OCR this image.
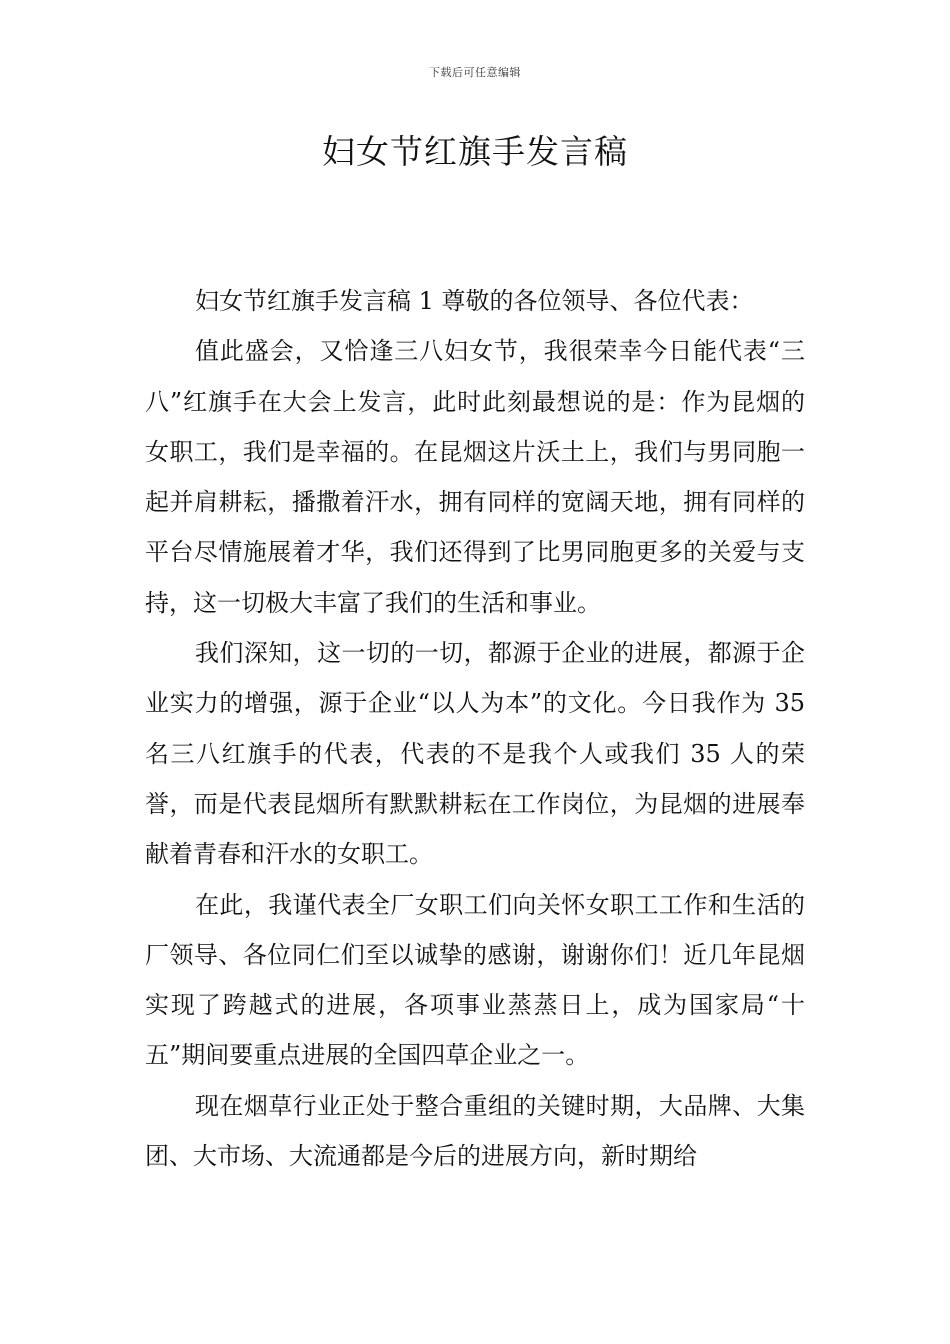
下载后可任意编辑
妇女节红旗手发言稿

妇女节红旗手发言稿 1 尊敬的各位领导、各位代表：

值此盛会，又恰逢三八妇女节，我很荣幸今日能代表“三八”红旗手在大会上发言，此时此刻最想说的是：作为昆烟的女职工，我们是幸福的。在昆烟这片沃土上，我们与男同胞一起并肩耕耘，播撒着汗水，拥有同样的宽阔天地，拥有同样的平台尽情施展着才华，我们还得到了比男同胞更多的关爱与支持，这一切极大丰富了我们的生活和事业。

我们深知，这一切的一切，都源于企业的进展，都源于企业实力的增强，源于企业“以人为本”的文化。今日我作为 35 名三八红旗手的代表，代表的不是我个人或我们 35 人的荣誉，而是代表昆烟所有默默耕耘在工作岗位，为昆烟的进展奉献着青春和汗水的女职工。

在此，我谨代表全厂女职工们向关怀女职工工作和生活的厂领导、各位同仁们至以诚挚的感谢，谢谢你们！近几年昆烟实现了跨越式的进展，各项事业蒸蒸日上，成为国家局“十五”期间要重点进展的全国四草企业之一。

现在烟草行业正处于整合重组的关键时期，大品牌、大集团、大市场、大流通都是今后的进展方向，新时期给
